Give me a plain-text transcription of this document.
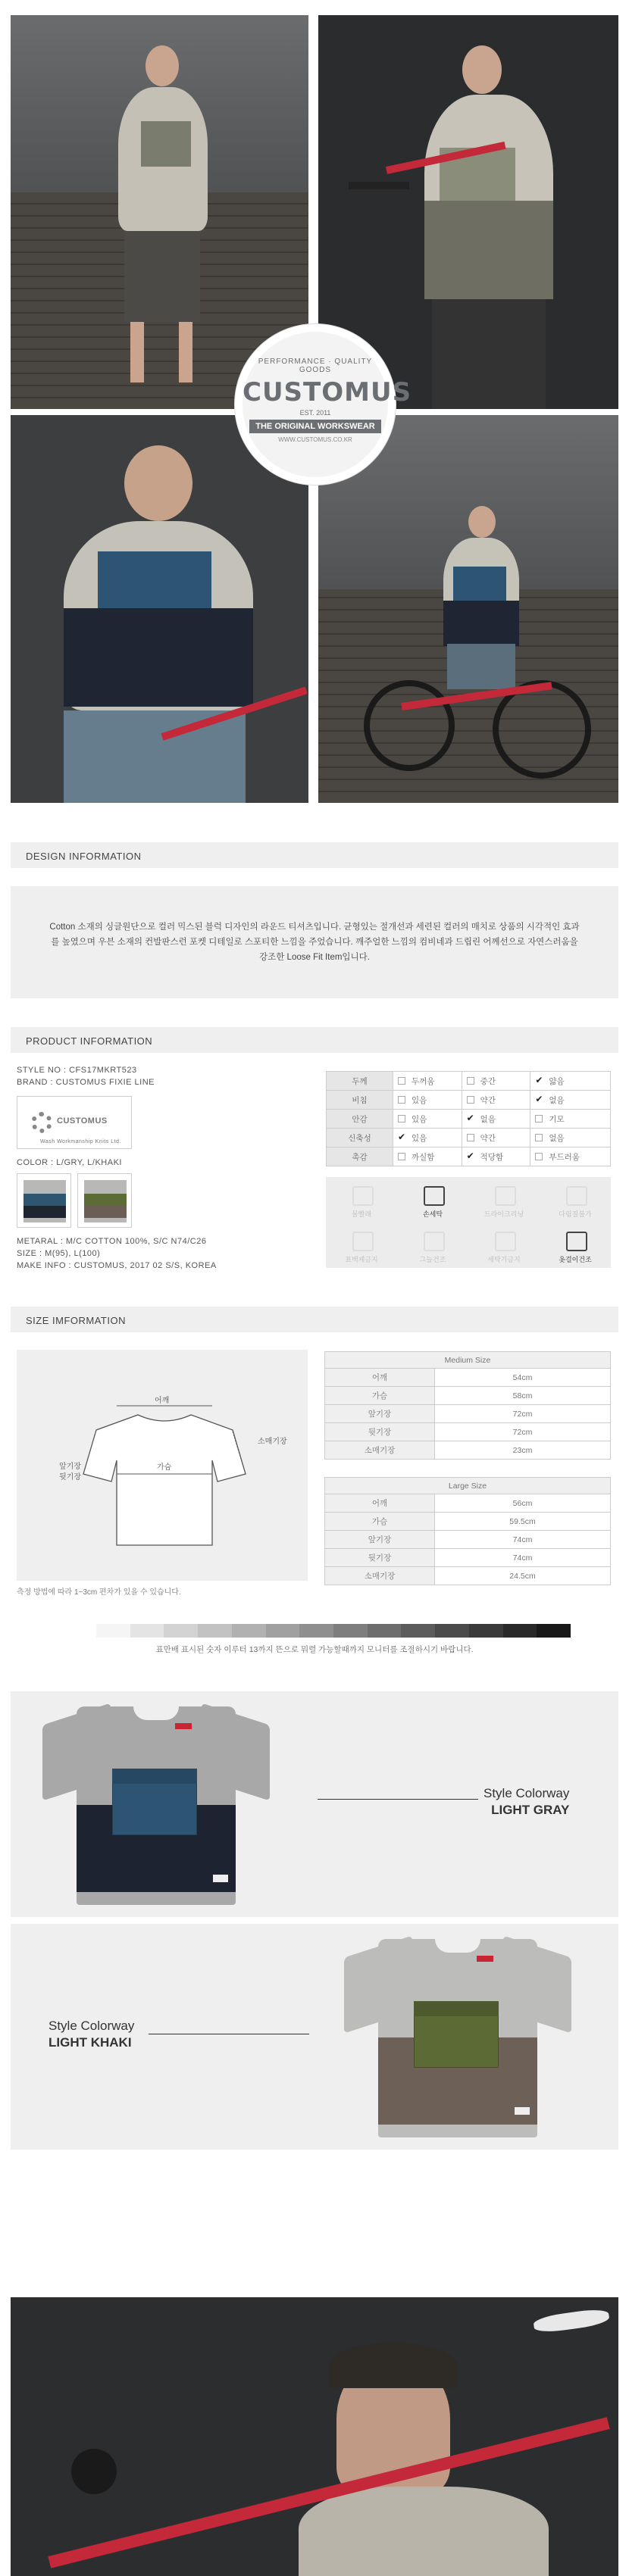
PERFORMANCE · QUALITY GOODS
CUSTOMUS
EST. 2011
THE ORIGINAL WORKSWEAR
WWW.CUSTOMUS.CO.KR
DESIGN INFORMATION

Cotton 소재의 싱글원단으로 컬러 믹스된 블럭 디자인의 라운드 티셔츠입니다. 균형있는 절개선과 세련된 컬러의 매치로 상품의 시각적인 효과를 높였으며 우븐 소재의 컨발판스런 포켓 디테일로 스포티한 느낌을 주었습니다. 깨주얼한 느낌의 컴비네과 드립린 어께선으로 자연스러움을 강조한 Loose Fit Item입니다.

PRODUCT INFORMATION
STYLE NO : CFS17MKRT523
BRAND : CUSTOMUS FIXIE LINE
CUSTOMUS
Wash Workmanship Knits Ltd.
COLOR : L/GRY, L/KHAKI
METARAL : M/C COTTON 100%, S/C N74/C26
SIZE : M(95), L(100)
MAKE INFO : CUSTOMUS, 2017 02 S/S, KOREA
두께	두꺼움	중간	✔얇음
비침	있음	약간	✔없음
안감	있음	✔없음	기모
신축성	✔있음	약간	없음
촉감	까실함	✔적당함	부드러움
물빨래	손세탁	드라이크리닝	다림질불가
표백제금지	그늘건조	세탁기금지	옷걸이건조
SIZE IMFORMATION
어깨
가슴
소매기장
앞기장
뒷기장
Medium Size	
어깨	54cm
가슴	58cm
앞기장	72cm
뒷기장	72cm
소매기장	23cm
Large Size	
어깨	56cm
가슴	59.5cm
앞기장	74cm
뒷기장	74cm
소매기장	24.5cm
측정 방법에 따라 1~3cm 편차가 있을 수 있습니다.
표만배 표시된 숫자 이루터 13까지 뜬으로 뭐렬 가능할때까지 모니터를 조절하시기 바랍니다.
Style Colorway
LIGHT GRAY
Style Colorway
LIGHT KHAKI
